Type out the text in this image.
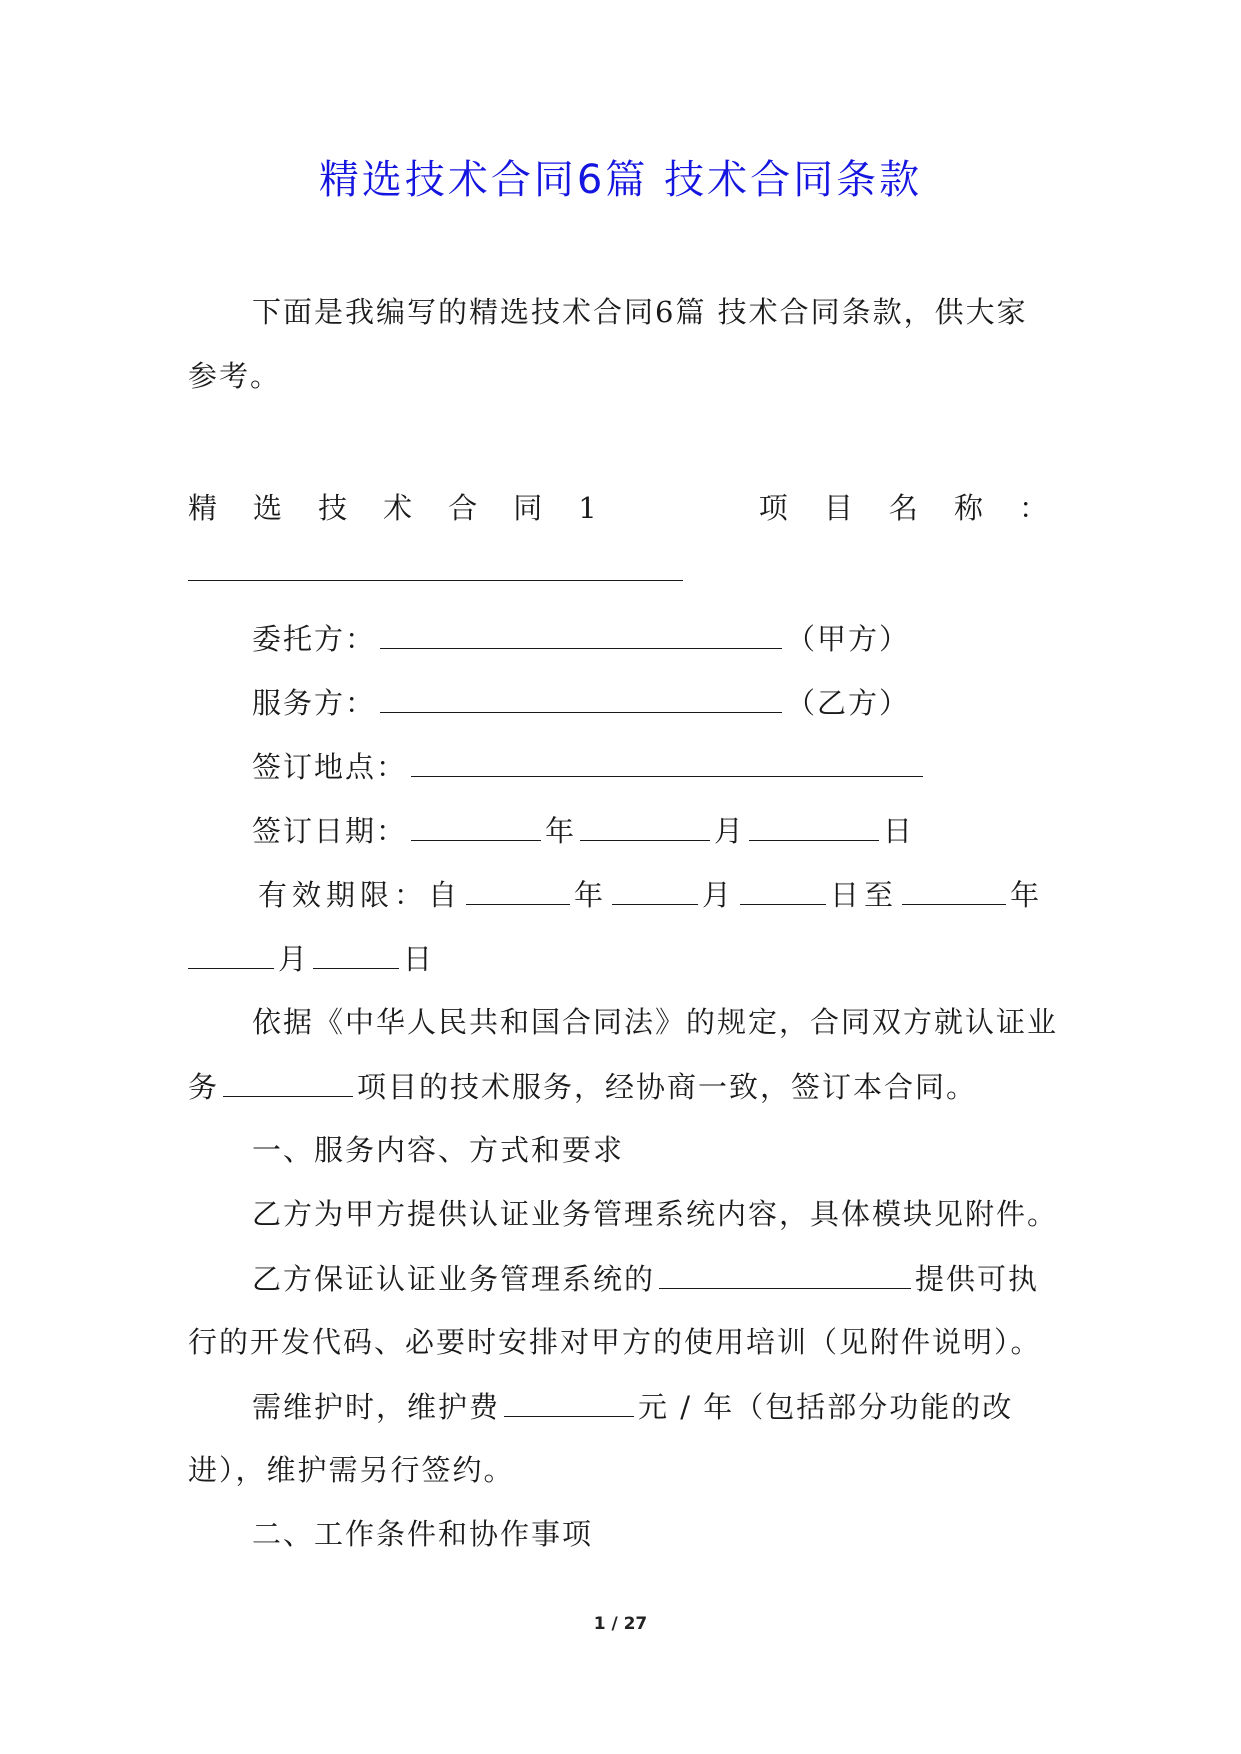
精选技术合同6篇 技术合同条款
下面是我编写的精选技术合同6篇 技术合同条款，供大家
参考。
精 选 技 术 合 同 1	项 目 名 称 ：
委托方：	（甲方）
服务方：	（乙方）
签订地点：
签订日期：	年	月	日
有效期限：自	年	月	日至	年
月	日
依据《中华人民共和国合同法》的规定，合同双方就认证业
务	项目的技术服务，经协商一致，签订本合同。
一、服务内容、方式和要求
乙方为甲方提供认证业务管理系统内容，具体模块见附件。
乙方保证认证业务管理系统的	提供可执
行的开发代码、必要时安排对甲方的使用培训（见附件说明）。
需维护时，维护费	元 / 年（包括部分功能的改
进），维护需另行签约。
二、工作条件和协作事项
1 / 27
